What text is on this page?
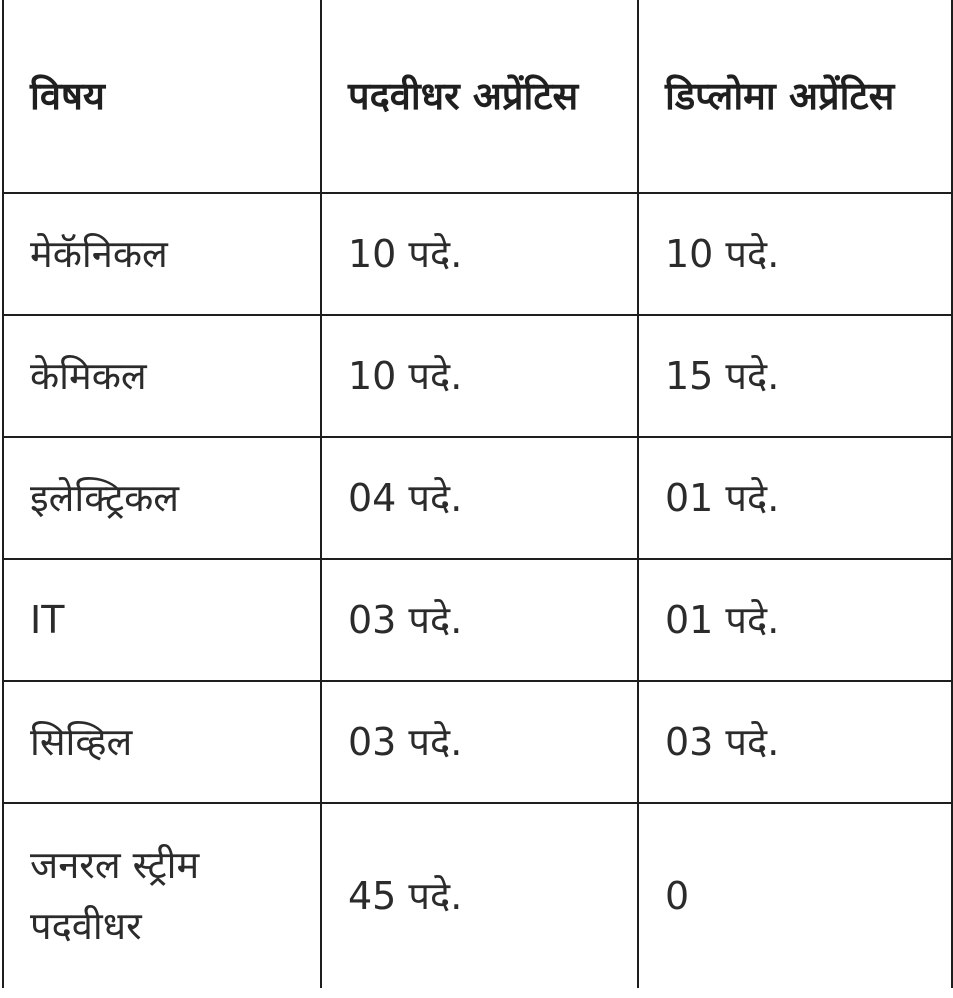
विषय	पदवीधर अप्रेंटिस	डिप्लोमा अप्रेंटिस
मेकॅनिकल	10 पदे.	10 पदे.
केमिकल	10 पदे.	15 पदे.
इलेक्ट्रिकल	04 पदे.	01 पदे.
IT	03 पदे.	01 पदे.
सिव्हिल	03 पदे.	03 पदे.
जनरल स्ट्रीम पदवीधर	45 पदे.	0
